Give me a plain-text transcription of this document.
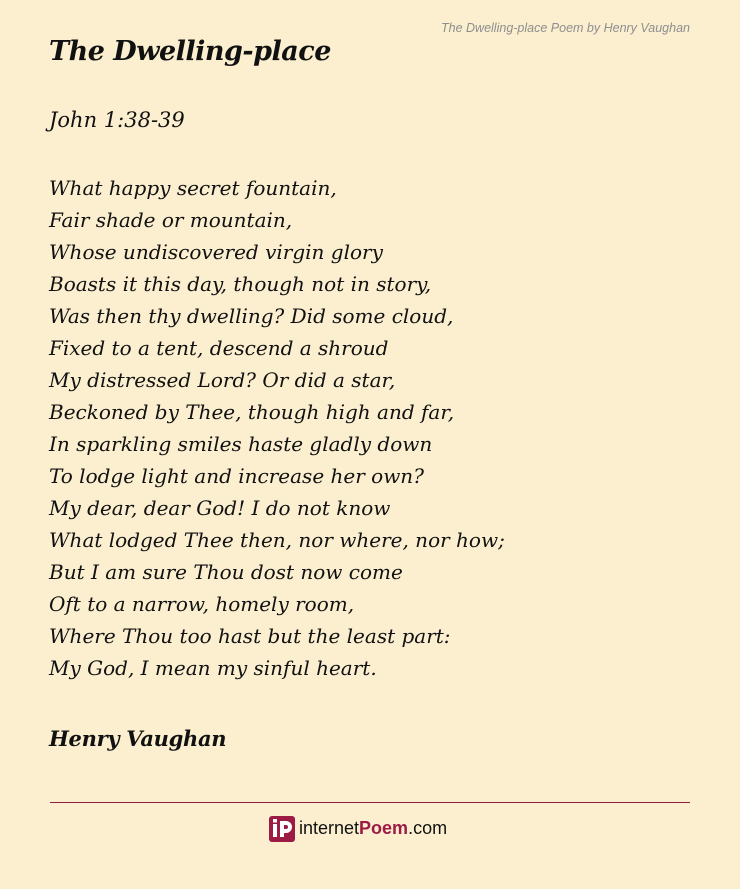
The Dwelling-place Poem by Henry Vaughan
The Dwelling-place
John 1:38-39
What happy secret fountain,
Fair shade or mountain,
Whose undiscovered virgin glory
Boasts it this day, though not in story,
Was then thy dwelling? Did some cloud,
Fixed to a tent, descend a shroud
My distressed Lord? Or did a star,
Beckoned by Thee, though high and far,
In sparkling smiles haste gladly down
To lodge light and increase her own?
My dear, dear God! I do not know
What lodged Thee then, nor where, nor how;
But I am sure Thou dost now come
Oft to a narrow, homely room,
Where Thou too hast but the least part:
My God, I mean my sinful heart.
Henry Vaughan
internetPoem.com
